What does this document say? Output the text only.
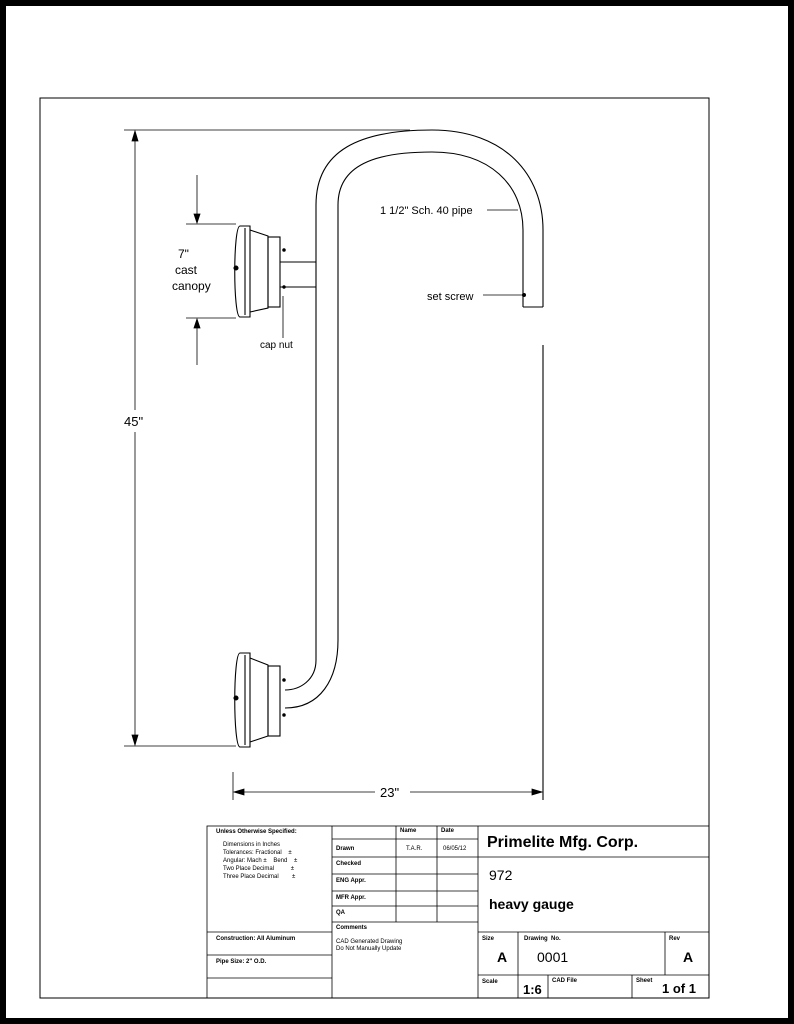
7"
cast
canopy
cap nut
45"
23"
1 1/2" Sch. 40 pipe
set screw
Unless Otherwise Specified:
Dimensions in Inches
Tolerances: Fractional    ±
Angular: Mach ±    Bend    ±
Two Place Decimal          ±
Three Place Decimal        ±
Construction: All Aluminum
Pipe Size: 2" O.D.
Name	Date
Drawn	T.A.R.	06/05/12
Checked
ENG Appr.
MFR Appr.
QA
Comments
CAD Generated Drawing
Do Not Manually Update
Primelite Mfg. Corp.
972
heavy gauge
Size
A
Drawing  No.
0001
Rev
A
Scale 1:6
CAD File	Sheet 1 of 1
